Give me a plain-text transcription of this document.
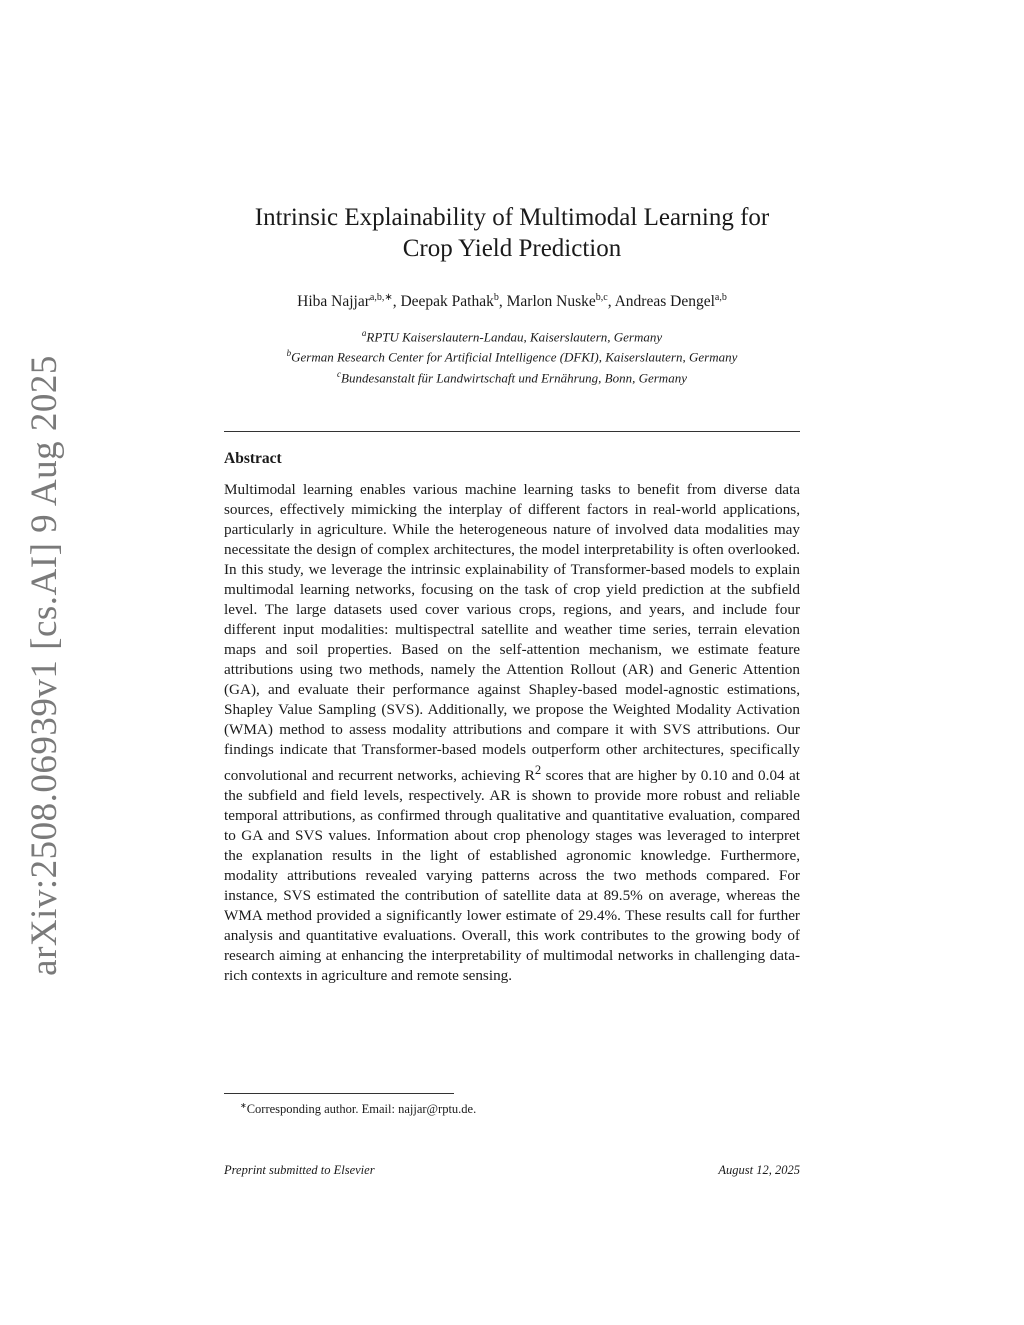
arXiv:2508.06939v1 [cs.AI] 9 Aug 2025
Intrinsic Explainability of Multimodal Learning for
Crop Yield Prediction
Hiba Najjar$^{a,b,∗}$, Deepak Pathak$^b$, Marlon Nuske$^{b,c}$, Andreas Dengel$^{a,b}$
$^a$RPTU Kaiserslautern-Landau, Kaiserslautern, Germany
$^b$German Research Center for Artificial Intelligence (DFKI), Kaiserslautern, Germany
$^c$Bundesanstalt für Landwirtschaft und Ernährung, Bonn, Germany
Abstract

Multimodal learning enables various machine learning tasks to benefit from diverse data sources, effectively mimicking the interplay of different factors in real-world applications, particularly in agriculture. While the heterogeneous nature of involved data modalities may necessitate the design of complex architectures, the model interpretability is often overlooked. In this study, we leverage the intrinsic explainability of Transformer-based models to explain multimodal learning networks, focusing on the task of crop yield prediction at the subfield level. The large datasets used cover various crops, regions, and years, and include four different input modalities: multispectral satellite and weather time series, terrain elevation maps and soil properties. Based on the self-attention mechanism, we estimate feature attributions using two methods, namely the Attention Rollout (AR) and Generic Attention (GA), and evaluate their performance against Shapley-based model-agnostic estimations, Shapley Value Sampling (SVS). Additionally, we propose the Weighted Modality Activation (WMA) method to assess modality attributions and compare it with SVS attributions. Our findings indicate that Transformer-based models outperform other architectures, specifically convolutional and recurrent networks, achieving $R^2$ scores that are higher by 0.10 and 0.04 at the subfield and field levels, respectively. AR is shown to provide more robust and reliable temporal attributions, as confirmed through qualitative and quantitative evaluation, compared to GA and SVS values. Information about crop phenology stages was leveraged to interpret the explanation results in the light of established agronomic knowledge. Furthermore, modality attributions revealed varying patterns across the two methods compared. For instance, SVS estimated the contribution of satellite data at 89.5% on average, whereas the WMA method provided a significantly lower estimate of 29.4%. These results call for further analysis and quantitative evaluations. Overall, this work contributes to the growing body of research aiming at enhancing the interpretability of multimodal networks in challenging data-rich contexts in agriculture and remote sensing.

∗Corresponding author. Email: najjar@rptu.de.
Preprint submitted to Elsevier	August 12, 2025
